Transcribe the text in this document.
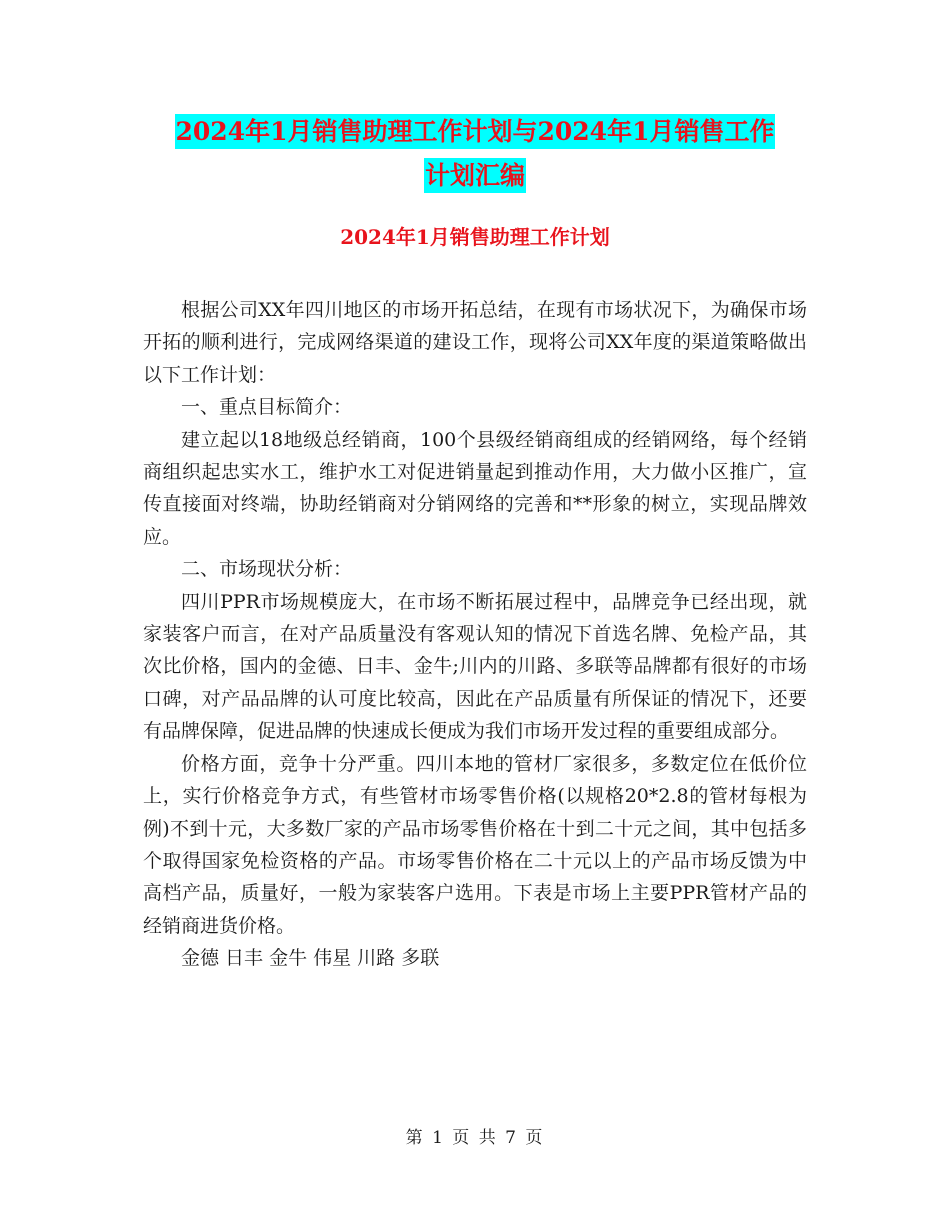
2024年1月销售助理工作计划与2024年1月销售工作
计划汇编
2024年1月销售助理工作计划

根据公司XX年四川地区的市场开拓总结，在现有市场状况下，为确保市场开拓的顺利进行，完成网络渠道的建设工作，现将公司XX年度的渠道策略做出以下工作计划：

一、重点目标简介：

建立起以18地级总经销商，100个县级经销商组成的经销网络，每个经销商组织起忠实水工，维护水工对促进销量起到推动作用，大力做小区推广，宣传直接面对终端，协助经销商对分销网络的完善和**形象的树立，实现品牌效应。

二、市场现状分析：

四川PPR市场规模庞大，在市场不断拓展过程中，品牌竞争已经出现，就家装客户而言，在对产品质量没有客观认知的情况下首选名牌、免检产品，其次比价格，国内的金德、日丰、金牛;川内的川路、多联等品牌都有很好的市场口碑，对产品品牌的认可度比较高，因此在产品质量有所保证的情况下，还要有品牌保障，促进品牌的快速成长便成为我们市场开发过程的重要组成部分。

价格方面，竞争十分严重。四川本地的管材厂家很多，多数定位在低价位上，实行价格竞争方式，有些管材市场零售价格(以规格20*2.8的管材每根为例)不到十元，大多数厂家的产品市场零售价格在十到二十元之间，其中包括多个取得国家免检资格的产品。市场零售价格在二十元以上的产品市场反馈为中高档产品，质量好，一般为家装客户选用。下表是市场上主要PPR管材产品的经销商进货价格。

金德 日丰 金牛 伟星 川路 多联

第 1 页 共 7 页
